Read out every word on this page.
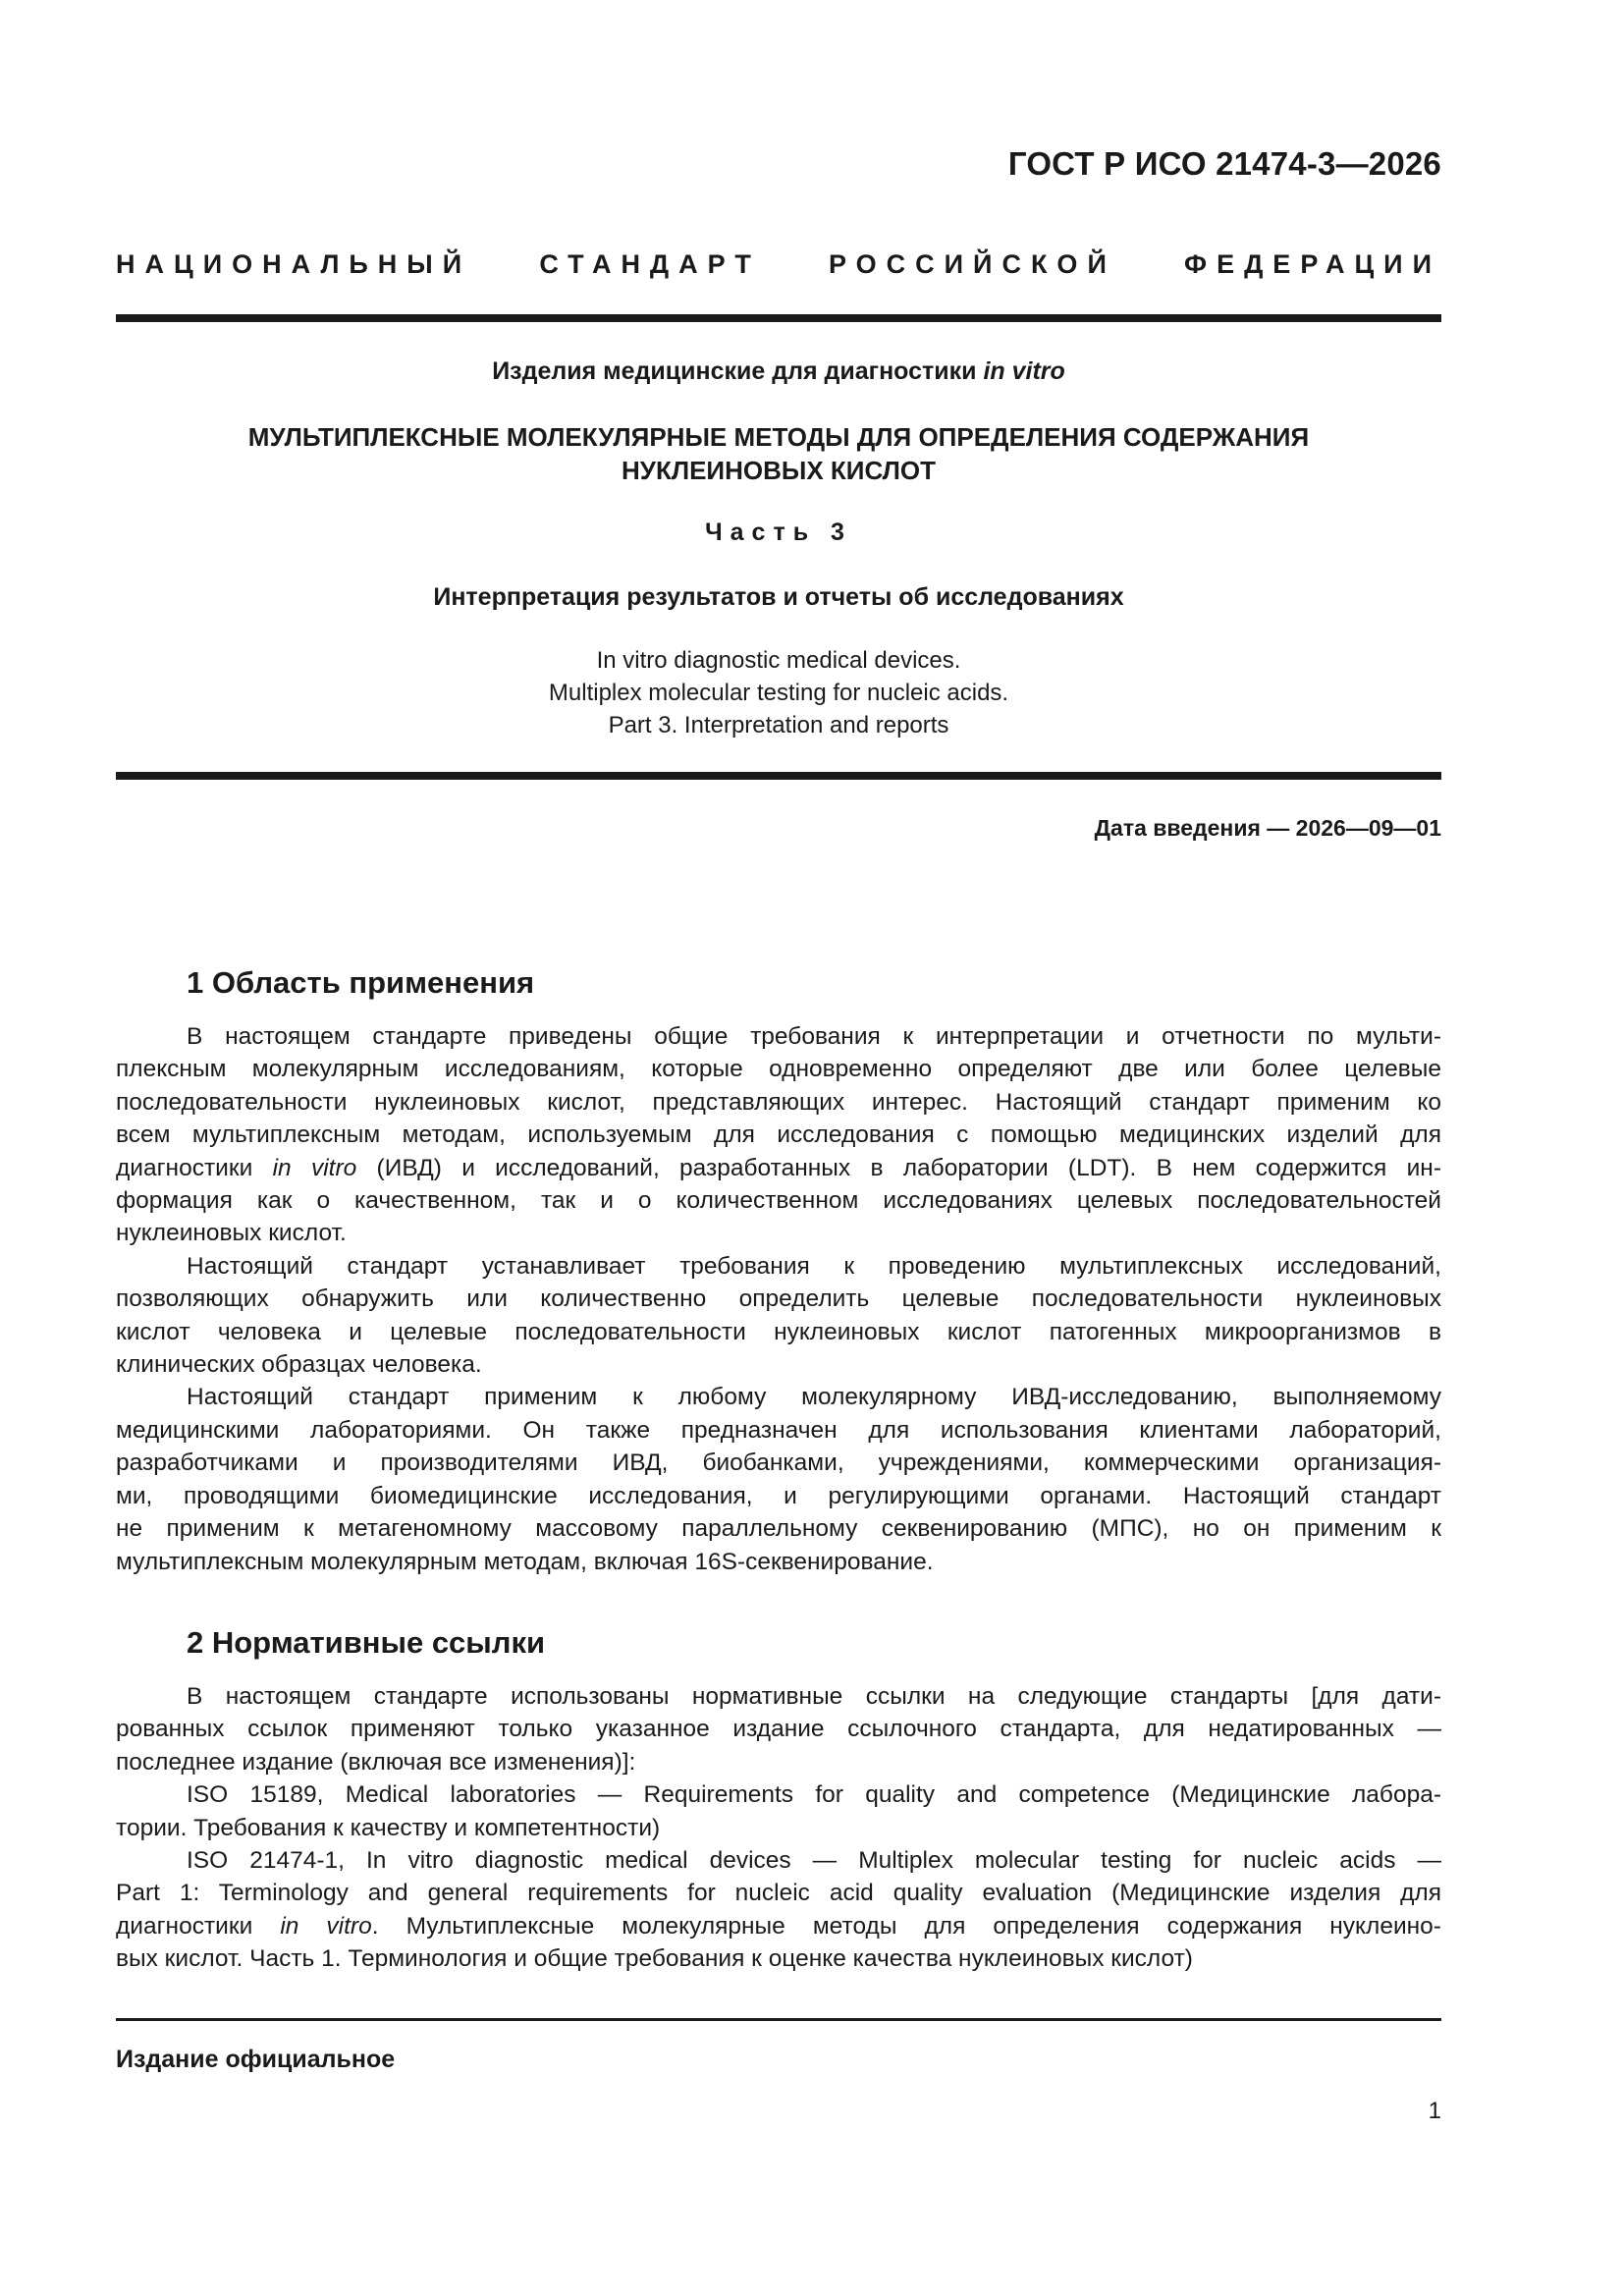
ГОСТ Р ИСО 21474-3—2026
НАЦИОНАЛЬНЫЙ СТАНДАРТ РОССИЙСКОЙ ФЕДЕРАЦИИ
Изделия медицинские для диагностики in vitro
МУЛЬТИПЛЕКСНЫЕ МОЛЕКУЛЯРНЫЕ МЕТОДЫ ДЛЯ ОПРЕДЕЛЕНИЯ СОДЕРЖАНИЯ
НУКЛЕИНОВЫХ КИСЛОТ
Часть 3
Интерпретация результатов и отчеты об исследованиях
In vitro diagnostic medical devices.
Multiplex molecular testing for nucleic acids.
Part 3. Interpretation and reports
Дата введения — 2026—09—01
1 Область применения
В настоящем стандарте приведены общие требования к интерпретации и отчетности по мульти-
плексным молекулярным исследованиям, которые одновременно определяют две или более целевые
последовательности нуклеиновых кислот, представляющих интерес. Настоящий стандарт применим ко
всем мультиплексным методам, используемым для исследования с помощью медицинских изделий для
диагностики in vitro (ИВД) и исследований, разработанных в лаборатории (LDT). В нем содержится ин-
формация как о качественном, так и о количественном исследованиях целевых последовательностей
нуклеиновых кислот.
Настоящий стандарт устанавливает требования к проведению мультиплексных исследований,
позволяющих обнаружить или количественно определить целевые последовательности нуклеиновых
кислот человека и целевые последовательности нуклеиновых кислот патогенных микроорганизмов в
клинических образцах человека.
Настоящий стандарт применим к любому молекулярному ИВД-исследованию, выполняемому
медицинскими лабораториями. Он также предназначен для использования клиентами лабораторий,
разработчиками и производителями ИВД, биобанками, учреждениями, коммерческими организация-
ми, проводящими биомедицинские исследования, и регулирующими органами. Настоящий стандарт
не применим к метагеномному массовому параллельному секвенированию (МПС), но он применим к
мультиплексным молекулярным методам, включая 16S-секвенирование.
2 Нормативные ссылки
В настоящем стандарте использованы нормативные ссылки на следующие стандарты [для дати-
рованных ссылок применяют только указанное издание ссылочного стандарта, для недатированных —
последнее издание (включая все изменения)]:
ISO 15189, Medical laboratories — Requirements for quality and competence (Медицинские лабора-
тории. Требования к качеству и компетентности)
ISO 21474-1, In vitro diagnostic medical devices — Multiplex molecular testing for nucleic acids —
Part 1: Terminology and general requirements for nucleic acid quality evaluation (Медицинские изделия для
диагностики in vitro. Мультиплексные молекулярные методы для определения содержания нуклеино-
вых кислот. Часть 1. Терминология и общие требования к оценке качества нуклеиновых кислот)
Издание официальное
1
